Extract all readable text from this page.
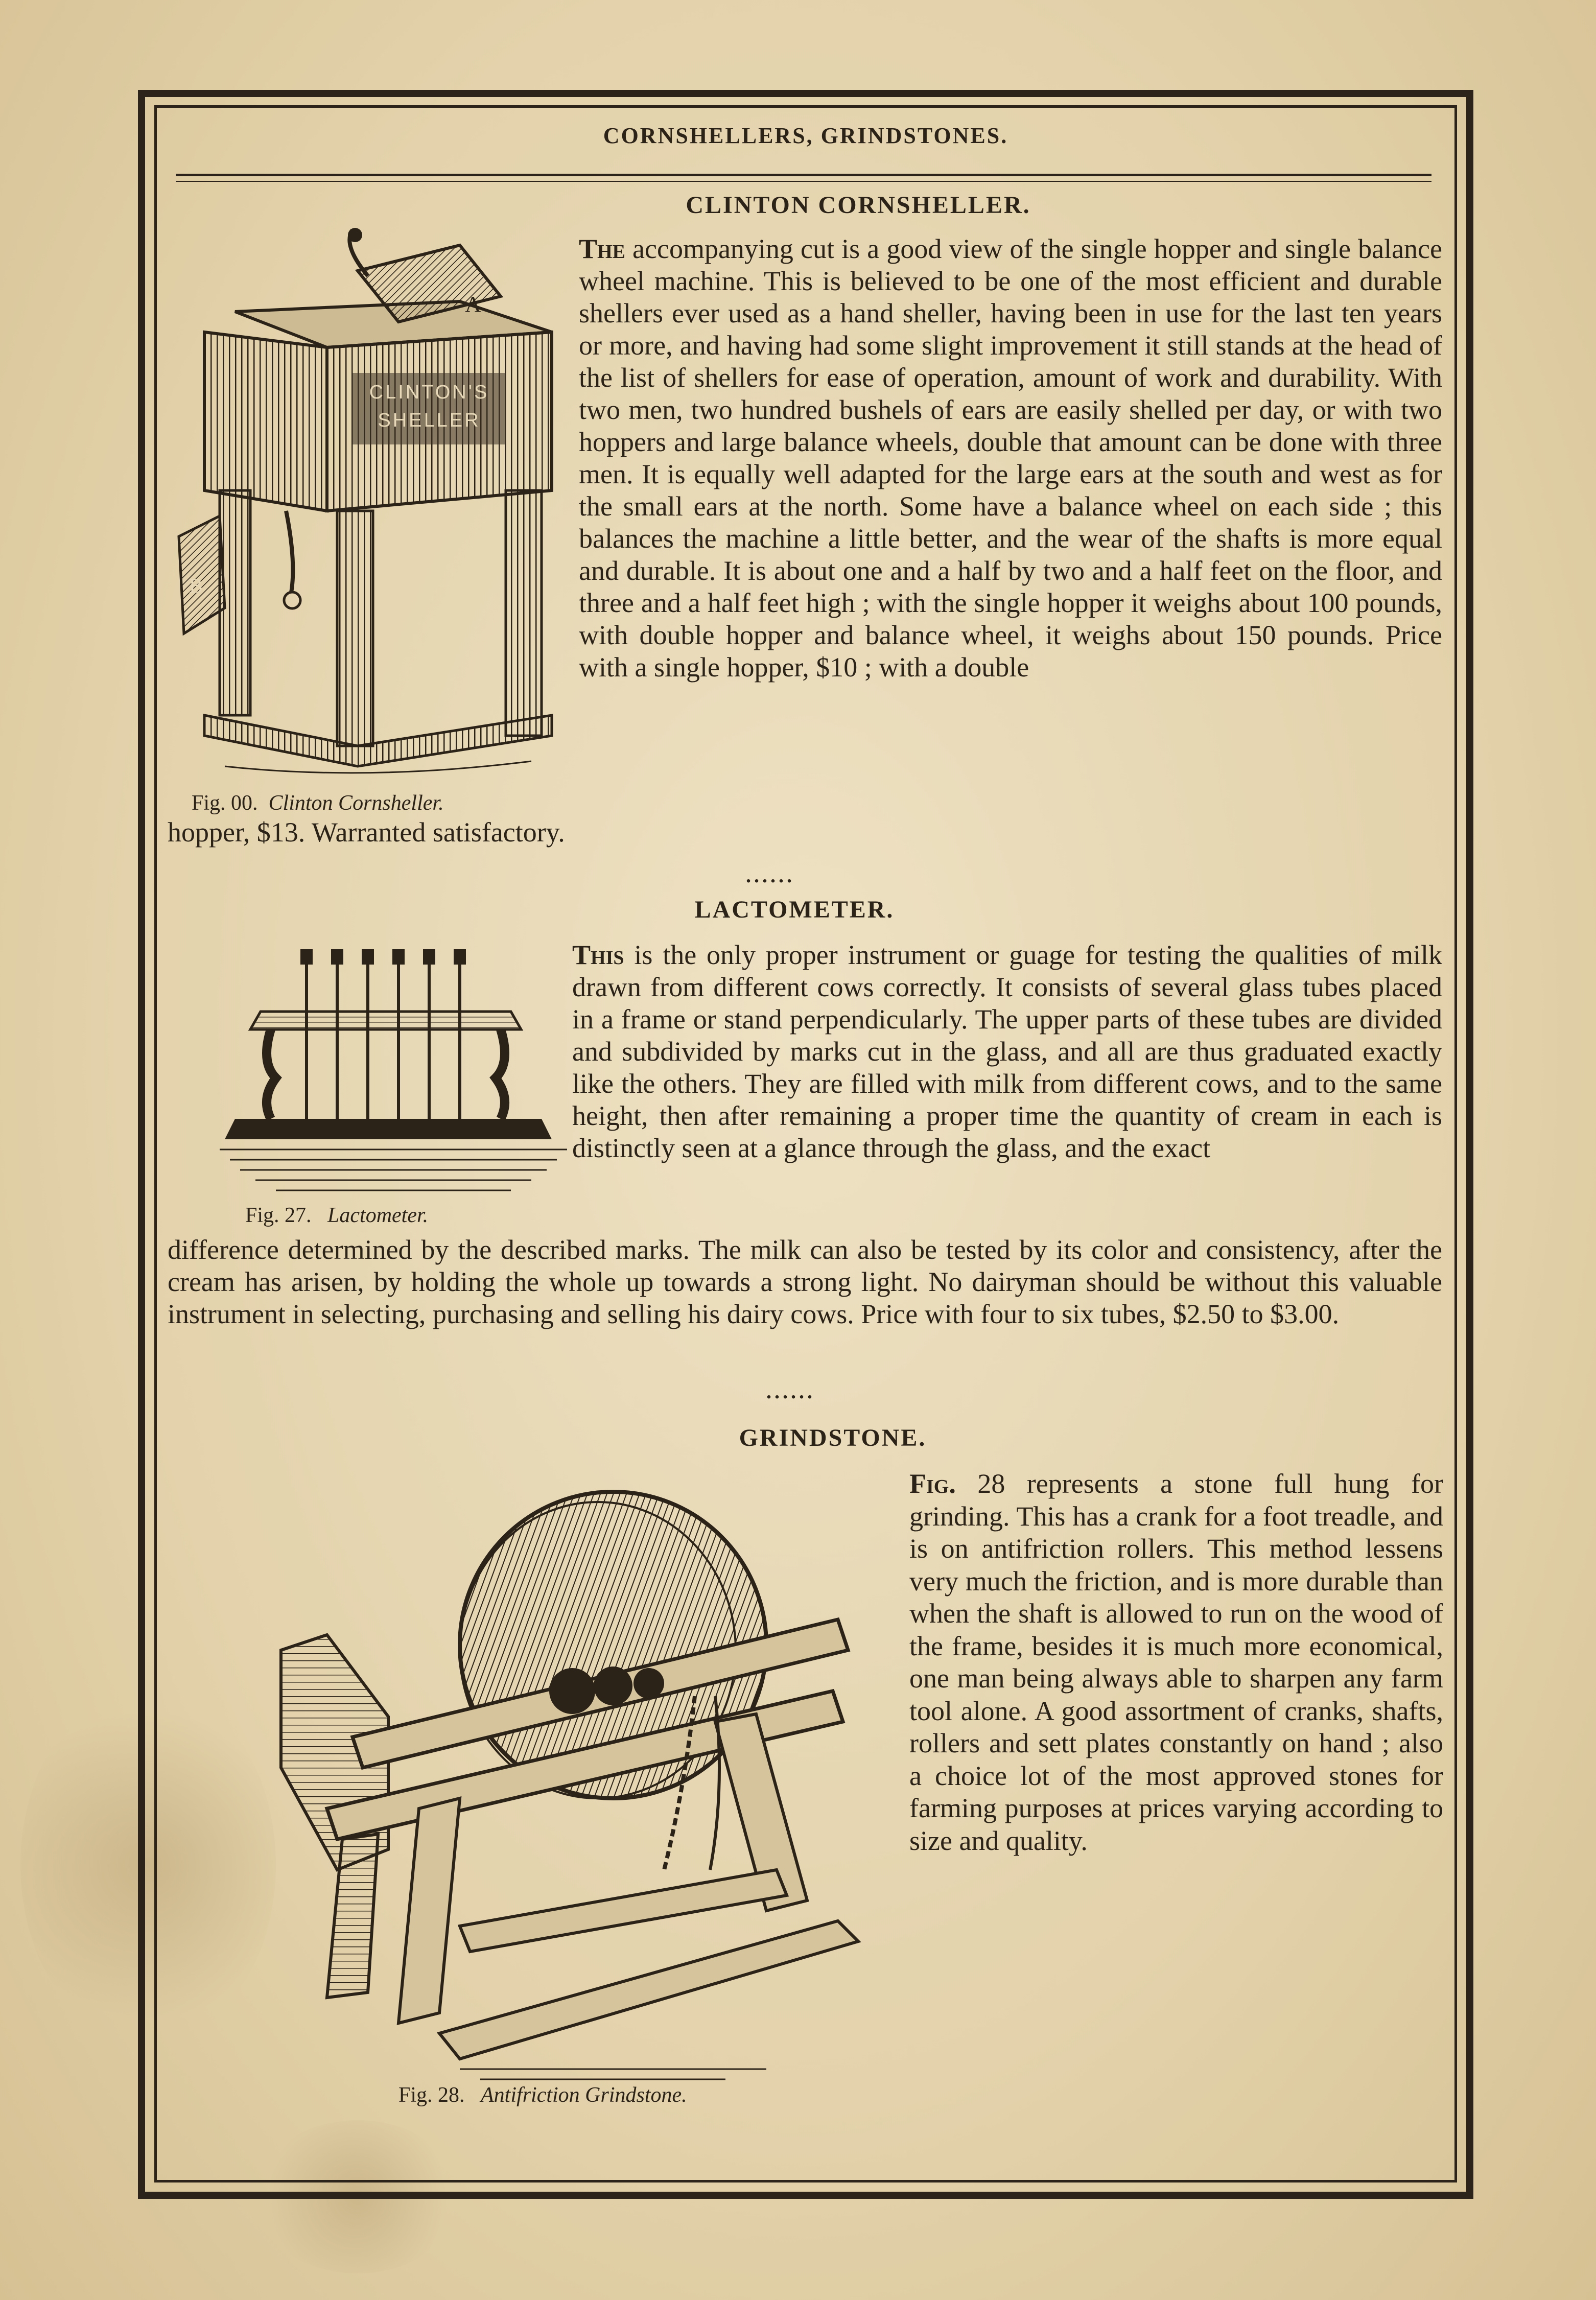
CORNSHELLERS, GRINDSTONES.
CLINTON CORNSHELLER.
A
CLINTON'S
SHELLER
B
The accompanying cut is a good view of the single hopper and single balance wheel machine. This is believed to be one of the most efficient and durable shellers ever used as a hand sheller, having been in use for the last ten years or more, and having had some slight improvement it still stands at the head of the list of shellers for ease of operation, amount of work and durability. With two men, two hundred bushels of ears are easily shelled per day, or with two hoppers and large balance wheels, double that amount can be done with three men. It is equally well adapted for the large ears at the south and west as for the small ears at the north. Some have a balance wheel on each side ; this balances the machine a little better, and the wear of the shafts is more equal and durable. It is about one and a half by two and a half feet on the floor, and three and a half feet high ; with the single hopper it weighs about 100 pounds, with double hopper and balance wheel, it weighs about 150 pounds. Price with a single hopper, $10 ; with a double
Fig. 00. Clinton Cornsheller.
hopper, $13. Warranted satisfactory.
......
LACTOMETER.
This is the only proper instrument or guage for testing the qualities of milk drawn from different cows correctly. It consists of several glass tubes placed in a frame or stand perpendicularly. The upper parts of these tubes are divided and subdivided by marks cut in the glass, and all are thus graduated exactly like the others. They are filled with milk from different cows, and to the same height, then after remaining a proper time the quantity of cream in each is distinctly seen at a glance through the glass, and the exact
Fig. 27. Lactometer.
difference determined by the described marks. The milk can also be tested by its color and consistency, after the cream has arisen, by holding the whole up towards a strong light. No dairyman should be without this valuable instrument in selecting, purchasing and selling his dairy cows. Price with four to six tubes, $2.50 to $3.00.
......
GRINDSTONE.
Fig. 28 represents a stone full hung for grinding. This has a crank for a foot treadle, and is on antifriction rollers. This method lessens very much the friction, and is more durable than when the shaft is allowed to run on the wood of the frame, besides it is much more economical, one man being always able to sharpen any farm tool alone. A good assortment of cranks, shafts, rollers and sett plates constantly on hand ; also a choice lot of the most approved stones for farming purposes at prices varying according to size and quality.
Fig. 28. Antifriction Grindstone.
